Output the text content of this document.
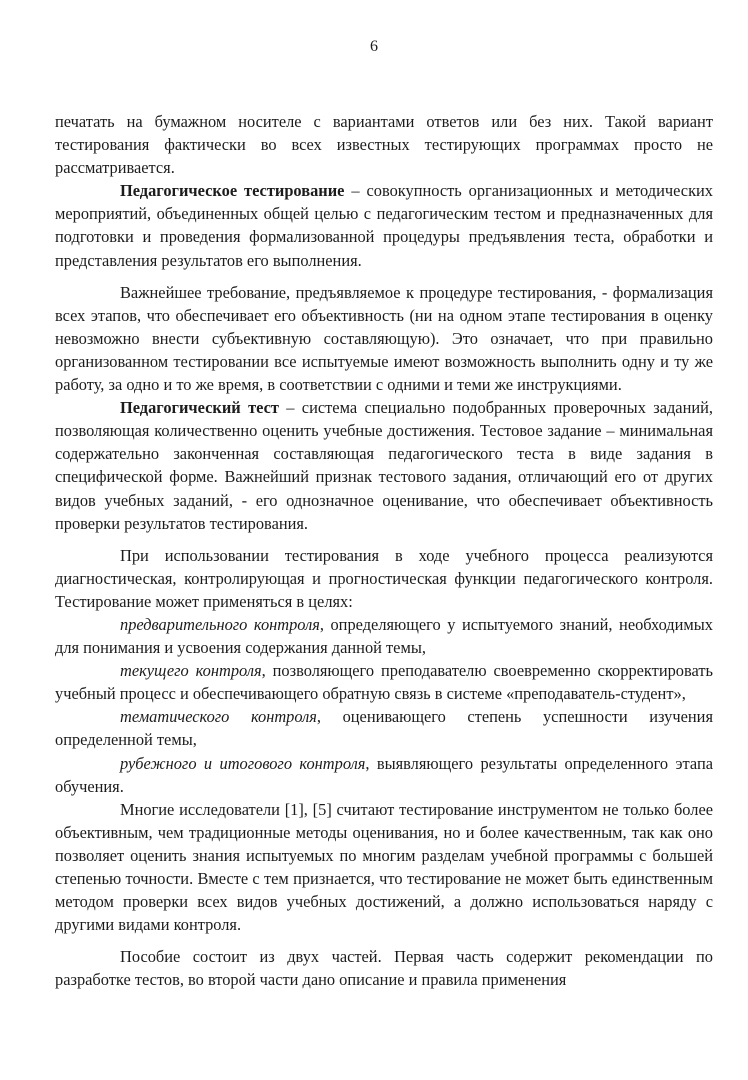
6

печатать на бумажном носителе с вариантами ответов или без них. Такой вариант тестирования фактически во всех известных тестирующих программах просто не рассматривается.

Педагогическое тестирование – совокупность организационных и методических мероприятий, объединенных общей целью с педагогическим тестом и предназначенных для подготовки и проведения формализованной процедуры предъявления теста, обработки и представления результатов его выполнения.

Важнейшее требование, предъявляемое к процедуре тестирования, - формализация всех этапов, что обеспечивает его объективность (ни на одном этапе тестирования в оценку невозможно внести субъективную составляющую). Это означает, что при правильно организованном тестировании все испытуемые имеют возможность выполнить одну и ту же работу, за одно и то же время, в соответствии с одними и теми же инструкциями.

Педагогический тест – система специально подобранных проверочных заданий, позволяющая количественно оценить учебные достижения. Тестовое задание – минимальная содержательно законченная составляющая педагогического теста в виде задания в специфической форме. Важнейший признак тестового задания, отличающий его от других видов учебных заданий, - его однозначное оценивание, что обеспечивает объективность проверки результатов тестирования.

При использовании тестирования в ходе учебного процесса реализуются диагностическая, контролирующая и прогностическая функции педагогического контроля. Тестирование может применяться в целях:

предварительного контроля, определяющего у испытуемого знаний, необходимых для понимания и усвоения содержания данной темы,

текущего контроля, позволяющего преподавателю своевременно скорректировать учебный процесс и обеспечивающего обратную связь в системе «преподаватель-студент»,

тематического контроля, оценивающего степень успешности изучения определенной темы,

рубежного и итогового контроля, выявляющего результаты определенного этапа обучения.

Многие исследователи [1], [5] считают тестирование инструментом не только более объективным, чем традиционные методы оценивания, но и более качественным, так как оно позволяет оценить знания испытуемых по многим разделам учебной программы с большей степенью точности. Вместе с тем признается, что тестирование не может быть единственным методом проверки всех видов учебных достижений, а должно использоваться наряду с другими видами контроля.

Пособие состоит из двух частей. Первая часть содержит рекомендации по разработке тестов, во второй части дано описание и правила применения
